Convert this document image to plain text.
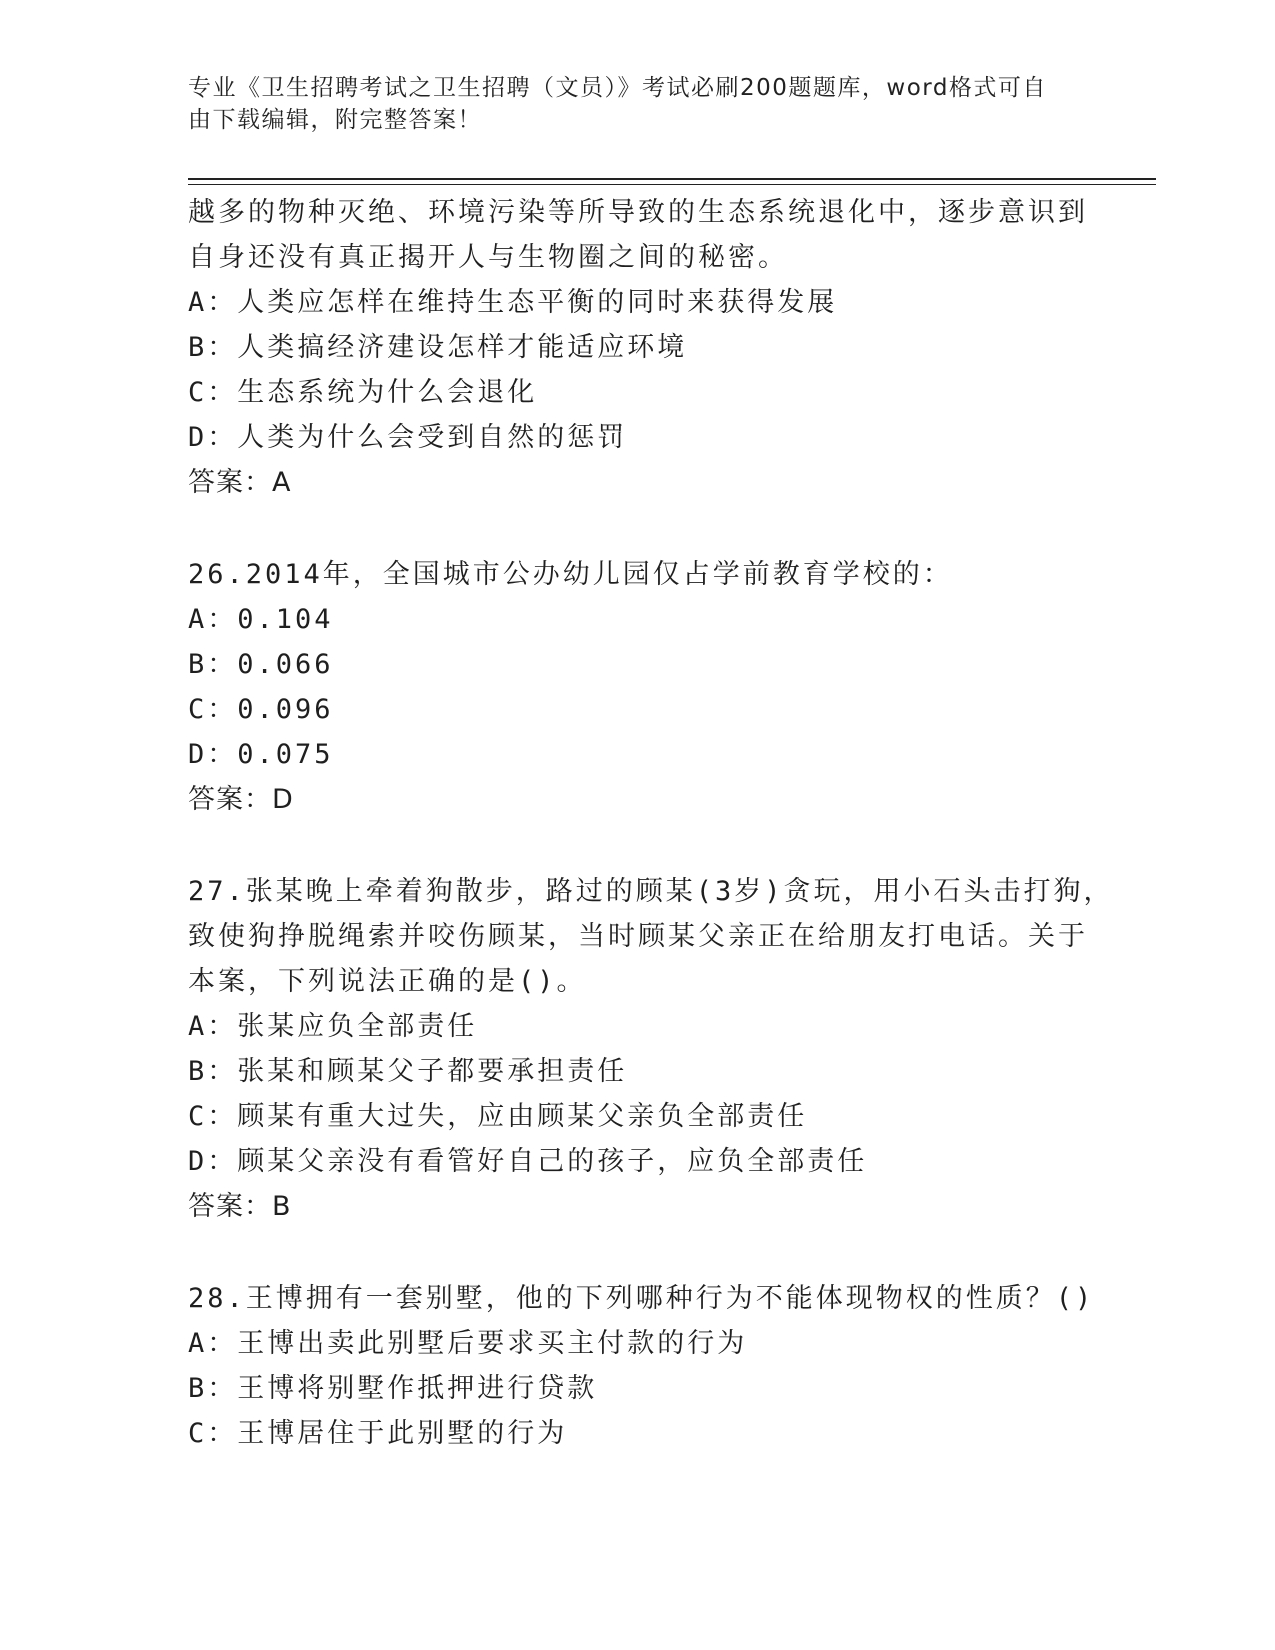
专业《卫生招聘考试之卫生招聘（文员）》考试必刷200题题库，word格式可自
由下载编辑，附完整答案！
越多的物种灭绝、环境污染等所导致的生态系统退化中，逐步意识到
自身还没有真正揭开人与生物圈之间的秘密。
A：人类应怎样在维持生态平衡的同时来获得发展
B：人类搞经济建设怎样才能适应环境
C：生态系统为什么会退化
D：人类为什么会受到自然的惩罚
答案：A
26.2014年，全国城市公办幼儿园仅占学前教育学校的：
A：0.104
B：0.066
C：0.096
D：0.075
答案：D
27.张某晚上牵着狗散步，路过的顾某(3岁)贪玩，用小石头击打狗，
致使狗挣脱绳索并咬伤顾某，当时顾某父亲正在给朋友打电话。关于
本案，下列说法正确的是()。
A：张某应负全部责任
B：张某和顾某父子都要承担责任
C：顾某有重大过失，应由顾某父亲负全部责任
D：顾某父亲没有看管好自己的孩子，应负全部责任
答案：B
28.王博拥有一套别墅，他的下列哪种行为不能体现物权的性质？()
A：王博出卖此别墅后要求买主付款的行为
B：王博将别墅作抵押进行贷款
C：王博居住于此别墅的行为
